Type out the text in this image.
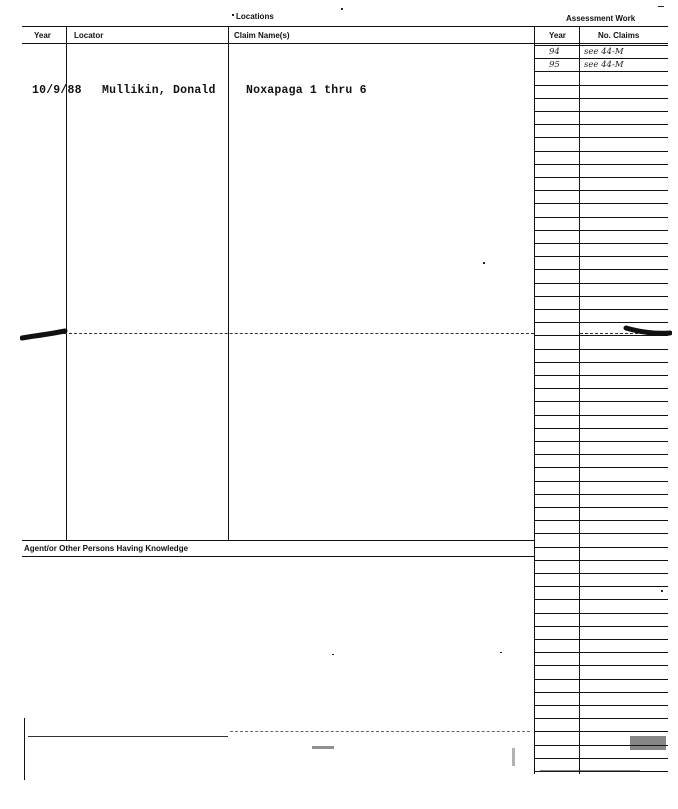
Locations	Assessment Work
Year	Locator	Claim Name(s)	Year	No. Claims
94	see 44-M
95	see 44-M
10/9/88 Mullikin, Donald	Noxapaga 1 thru 6
Agent/or Other Persons Having Knowledge
